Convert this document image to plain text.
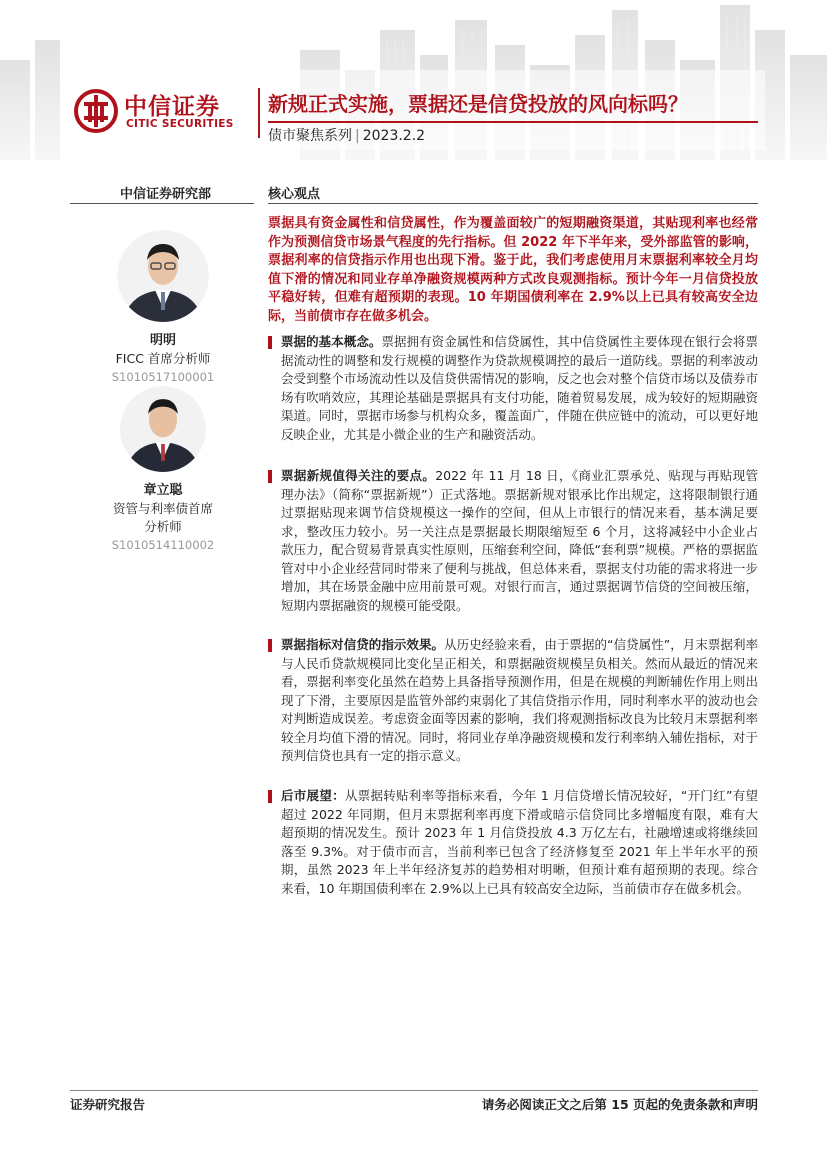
中信证券
CITIC SECURITIES
新规正式实施，票据还是信贷投放的风向标吗？
债市聚焦系列 | 2023.2.2
中信证券研究部	核心观点
明明
FICC 首席分析师
S1010517100001
章立聪
资管与利率债首席
分析师
S1010514110002
票据具有资金属性和信贷属性，作为覆盖面较广的短期融资渠道，其贴现利率也经常作为预测信贷市场景气程度的先行指标。但 2022 年下半年来，受外部监管的影响，票据利率的信贷指示作用也出现下滑。鉴于此，我们考虑使用月末票据利率较全月均值下滑的情况和同业存单净融资规模两种方式改良观测指标。预计今年一月信贷投放平稳好转，但难有超预期的表现。10 年期国债利率在 2.9%以上已具有较高安全边际，当前债市存在做多机会。
票据的基本概念。票据拥有资金属性和信贷属性，其中信贷属性主要体现在银行会将票据流动性的调整和发行规模的调整作为贷款规模调控的最后一道防线。票据的利率波动会受到整个市场流动性以及信贷供需情况的影响，反之也会对整个信贷市场以及债券市场有吹哨效应，其理论基础是票据具有支付功能，随着贸易发展，成为较好的短期融资渠道。同时，票据市场参与机构众多，覆盖面广，伴随在供应链中的流动，可以更好地反映企业，尤其是小微企业的生产和融资活动。
票据新规值得关注的要点。2022 年 11 月 18 日，《商业汇票承兑、贴现与再贴现管理办法》（简称“票据新规”）正式落地。票据新规对银承比作出规定，这将限制银行通过票据贴现来调节信贷规模这一操作的空间，但从上市银行的情况来看，基本满足要求，整改压力较小。另一关注点是票据最长期限缩短至 6 个月，这将减轻中小企业占款压力，配合贸易背景真实性原则，压缩套利空间，降低“套利票”规模。严格的票据监管对中小企业经营同时带来了便利与挑战，但总体来看，票据支付功能的需求将进一步增加，其在场景金融中应用前景可观。对银行而言，通过票据调节信贷的空间被压缩，短期内票据融资的规模可能受限。
票据指标对信贷的指示效果。从历史经验来看，由于票据的“信贷属性”，月末票据利率与人民币贷款规模同比变化呈正相关，和票据融资规模呈负相关。然而从最近的情况来看，票据利率变化虽然在趋势上具备指导预测作用，但是在规模的判断辅佐作用上则出现了下滑，主要原因是监管外部约束弱化了其信贷指示作用，同时利率水平的波动也会对判断造成误差。考虑资金面等因素的影响，我们将观测指标改良为比较月末票据利率较全月均值下滑的情况。同时，将同业存单净融资规模和发行利率纳入辅佐指标，对于预判信贷也具有一定的指示意义。
后市展望：从票据转贴利率等指标来看，今年 1 月信贷增长情况较好，“开门红”有望超过 2022 年同期，但月末票据利率再度下滑或暗示信贷同比多增幅度有限，难有大超预期的情况发生。预计 2023 年 1 月信贷投放 4.3 万亿左右，社融增速或将继续回落至 9.3%。对于债市而言，当前利率已包含了经济修复至 2021 年上半年水平的预期，虽然 2023 年上半年经济复苏的趋势相对明晰，但预计难有超预期的表现。综合来看，10 年期国债利率在 2.9%以上已具有较高安全边际，当前债市存在做多机会。
证券研究报告	请务必阅读正文之后第 15 页起的免责条款和声明
